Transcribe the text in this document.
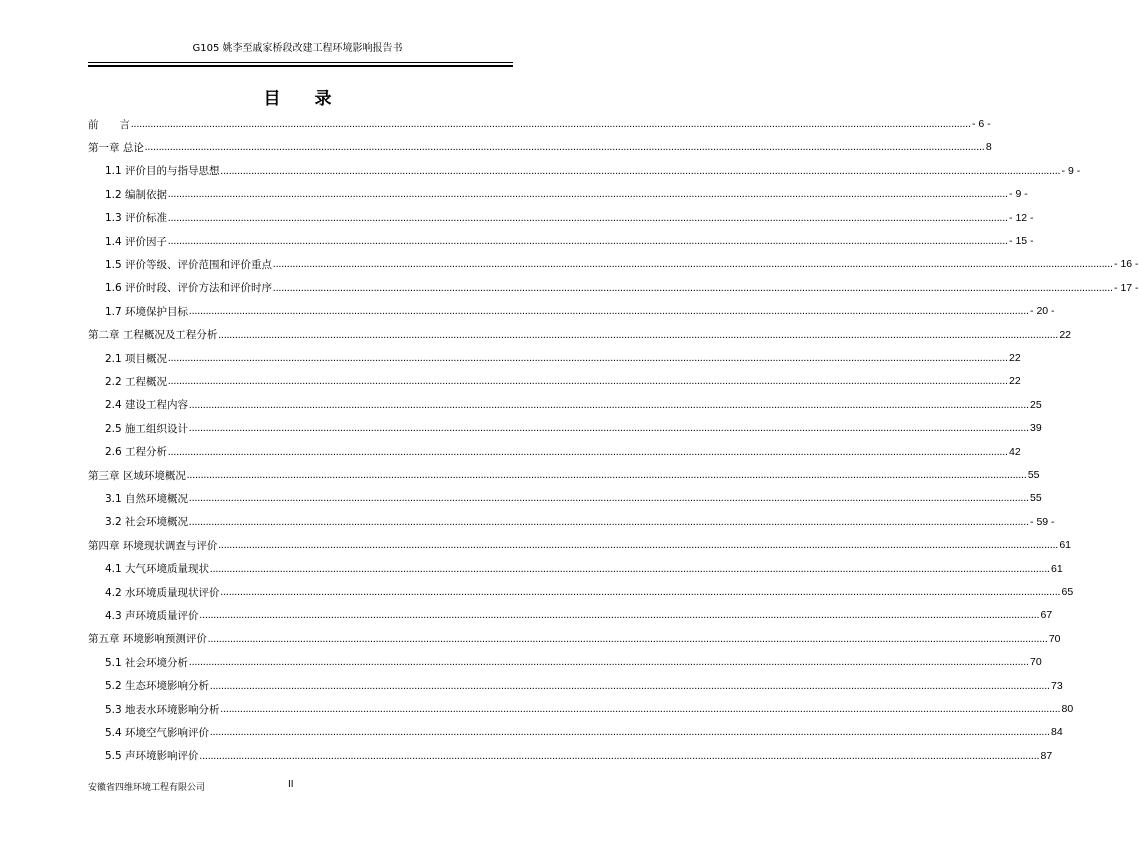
G105 姚李至戚家桥段改建工程环境影响报告书
目 录
前　　言 ............................................................................................................................................................................................................................................................................................................ - 6 -
第一章 总论 ............................................................................................................................................................................................................................................................................................................ 8
1.1 评价目的与指导思想 ............................................................................................................................................................................................................................................................................................................ - 9 -
1.2 编制依据 ............................................................................................................................................................................................................................................................................................................ - 9 -
1.3 评价标准 ............................................................................................................................................................................................................................................................................................................ - 12 -
1.4 评价因子 ............................................................................................................................................................................................................................................................................................................ - 15 -
1.5 评价等级、评价范围和评价重点 ............................................................................................................................................................................................................................................................................................................ - 16 -
1.6 评价时段、评价方法和评价时序 ............................................................................................................................................................................................................................................................................................................ - 17 -
1.7 环境保护目标 ............................................................................................................................................................................................................................................................................................................ - 20 -
第二章 工程概况及工程分析 ............................................................................................................................................................................................................................................................................................................ 22
2.1 项目概况 ............................................................................................................................................................................................................................................................................................................ 22
2.2 工程概况 ............................................................................................................................................................................................................................................................................................................ 22
2.4 建设工程内容 ............................................................................................................................................................................................................................................................................................................ 25
2.5 施工组织设计 ............................................................................................................................................................................................................................................................................................................ 39
2.6 工程分析 ............................................................................................................................................................................................................................................................................................................ 42
第三章 区域环境概况 ............................................................................................................................................................................................................................................................................................................ 55
3.1 自然环境概况 ............................................................................................................................................................................................................................................................................................................ 55
3.2 社会环境概况 ............................................................................................................................................................................................................................................................................................................ - 59 -
第四章 环境现状调查与评价 ............................................................................................................................................................................................................................................................................................................ 61
4.1 大气环境质量现状 ............................................................................................................................................................................................................................................................................................................ 61
4.2 水环境质量现状评价 ............................................................................................................................................................................................................................................................................................................ 65
4.3 声环境质量评价 ............................................................................................................................................................................................................................................................................................................ 67
第五章 环境影响预测评价 ............................................................................................................................................................................................................................................................................................................ 70
5.1 社会环境分析 ............................................................................................................................................................................................................................................................................................................ 70
5.2 生态环境影响分析 ............................................................................................................................................................................................................................................................................................................ 73
5.3 地表水环境影响分析 ............................................................................................................................................................................................................................................................................................................ 80
5.4 环境空气影响评价 ............................................................................................................................................................................................................................................................................................................ 84
5.5 声环境影响评价 ............................................................................................................................................................................................................................................................................................................ 87
安徽省四维环境工程有限公司	II
